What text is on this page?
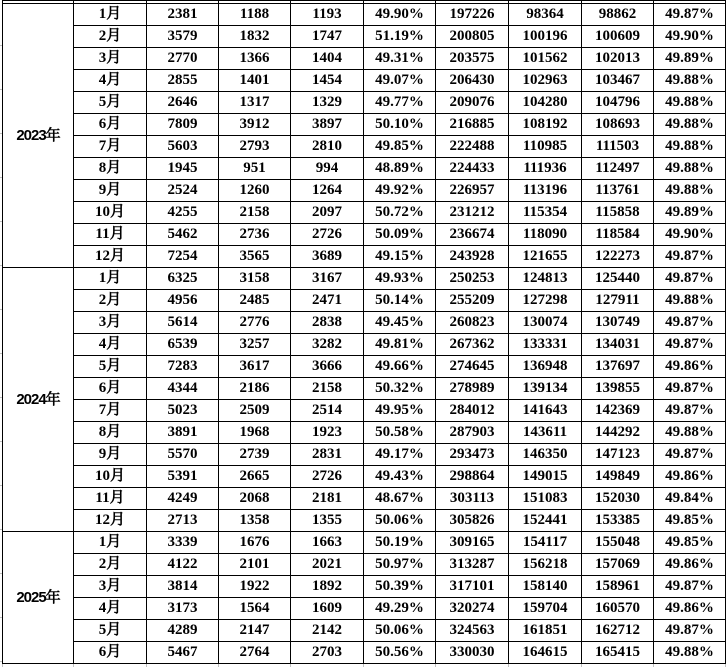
2023年	1月	2381	1188	1193	49.90%	197226	98364	98862	49.87%
	2月	3579	1832	1747	51.19%	200805	100196	100609	49.90%
	3月	2770	1366	1404	49.31%	203575	101562	102013	49.89%
	4月	2855	1401	1454	49.07%	206430	102963	103467	49.88%
	5月	2646	1317	1329	49.77%	209076	104280	104796	49.88%
	6月	7809	3912	3897	50.10%	216885	108192	108693	49.88%
	7月	5603	2793	2810	49.85%	222488	110985	111503	49.88%
	8月	1945	951	994	48.89%	224433	111936	112497	49.88%
	9月	2524	1260	1264	49.92%	226957	113196	113761	49.88%
	10月	4255	2158	2097	50.72%	231212	115354	115858	49.89%
	11月	5462	2736	2726	50.09%	236674	118090	118584	49.90%
	12月	7254	3565	3689	49.15%	243928	121655	122273	49.87%
2024年	1月	6325	3158	3167	49.93%	250253	124813	125440	49.87%
	2月	4956	2485	2471	50.14%	255209	127298	127911	49.88%
	3月	5614	2776	2838	49.45%	260823	130074	130749	49.87%
	4月	6539	3257	3282	49.81%	267362	133331	134031	49.87%
	5月	7283	3617	3666	49.66%	274645	136948	137697	49.86%
	6月	4344	2186	2158	50.32%	278989	139134	139855	49.87%
	7月	5023	2509	2514	49.95%	284012	141643	142369	49.87%
	8月	3891	1968	1923	50.58%	287903	143611	144292	49.88%
	9月	5570	2739	2831	49.17%	293473	146350	147123	49.87%
	10月	5391	2665	2726	49.43%	298864	149015	149849	49.86%
	11月	4249	2068	2181	48.67%	303113	151083	152030	49.84%
	12月	2713	1358	1355	50.06%	305826	152441	153385	49.85%
2025年	1月	3339	1676	1663	50.19%	309165	154117	155048	49.85%
	2月	4122	2101	2021	50.97%	313287	156218	157069	49.86%
	3月	3814	1922	1892	50.39%	317101	158140	158961	49.87%
	4月	3173	1564	1609	49.29%	320274	159704	160570	49.86%
	5月	4289	2147	2142	50.06%	324563	161851	162712	49.87%
	6月	5467	2764	2703	50.56%	330030	164615	165415	49.88%
